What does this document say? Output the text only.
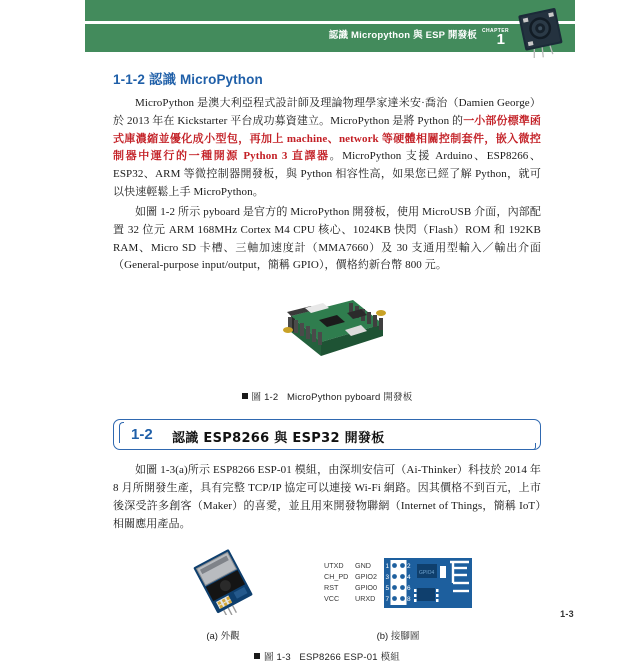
認識 Micropython 與 ESP 開發板 CHAPTER
1
1-1-2 認識 MicroPython

MicroPython 是澳大利亞程式設計師及理論物理學家達米安·喬治（Damien George）於 2013 年在 Kickstarter 平台成功募資建立。MicroPython 是將 Python 的一小部份標準函式庫濃縮並優化成小型包，再加上 machine、network 等硬體相關控制套件，嵌入微控制器中運行的一種開源 Python 3 直譯器。MicroPython 支援 Arduino、ESP8266、ESP32、ARM 等微控制器開發板，與 Python 相容性高，如果您已經了解 Python，就可以快速輕鬆上手 MicroPython。

如圖 1-2 所示 pyboard 是官方的 MicroPython 開發板，使用 MicroUSB 介面，內部配置 32 位元 ARM 168MHz Cortex M4 CPU 核心、1024KB 快閃（Flash）ROM 和 192KB RAM、Micro SD 卡槽、三軸加速度計（MMA7660）及 30 支通用型輸入／輸出介面（General-purpose input/output，簡稱 GPIO），價格約新台幣 800 元。

圖 1-2 MicroPython pyboard 開發板
1-2 認識 ESP8266 與 ESP32 開發板

如圖 1-3(a)所示 ESP8266 ESP-01 模組，由深圳安信可（Ai-Thinker）科技於 2014 年 8 月所開發生產，具有完整 TCP/IP 協定可以連接 Wi-Fi 網路。因其價格不到百元，上市後深受許多創客（Maker）的喜愛，並且用來開發物聯網（Internet of Things，簡稱 IoT）相關應用產品。

(a) 外觀
UTXD
CH_PD
RST
VCC
GND
GPIO2
GPIO0
URXD
1
3
5
7
2
4
6
8
GPIO4
(b) 接腳圖
圖 1-3 ESP8266 ESP-01 模組
1-3
